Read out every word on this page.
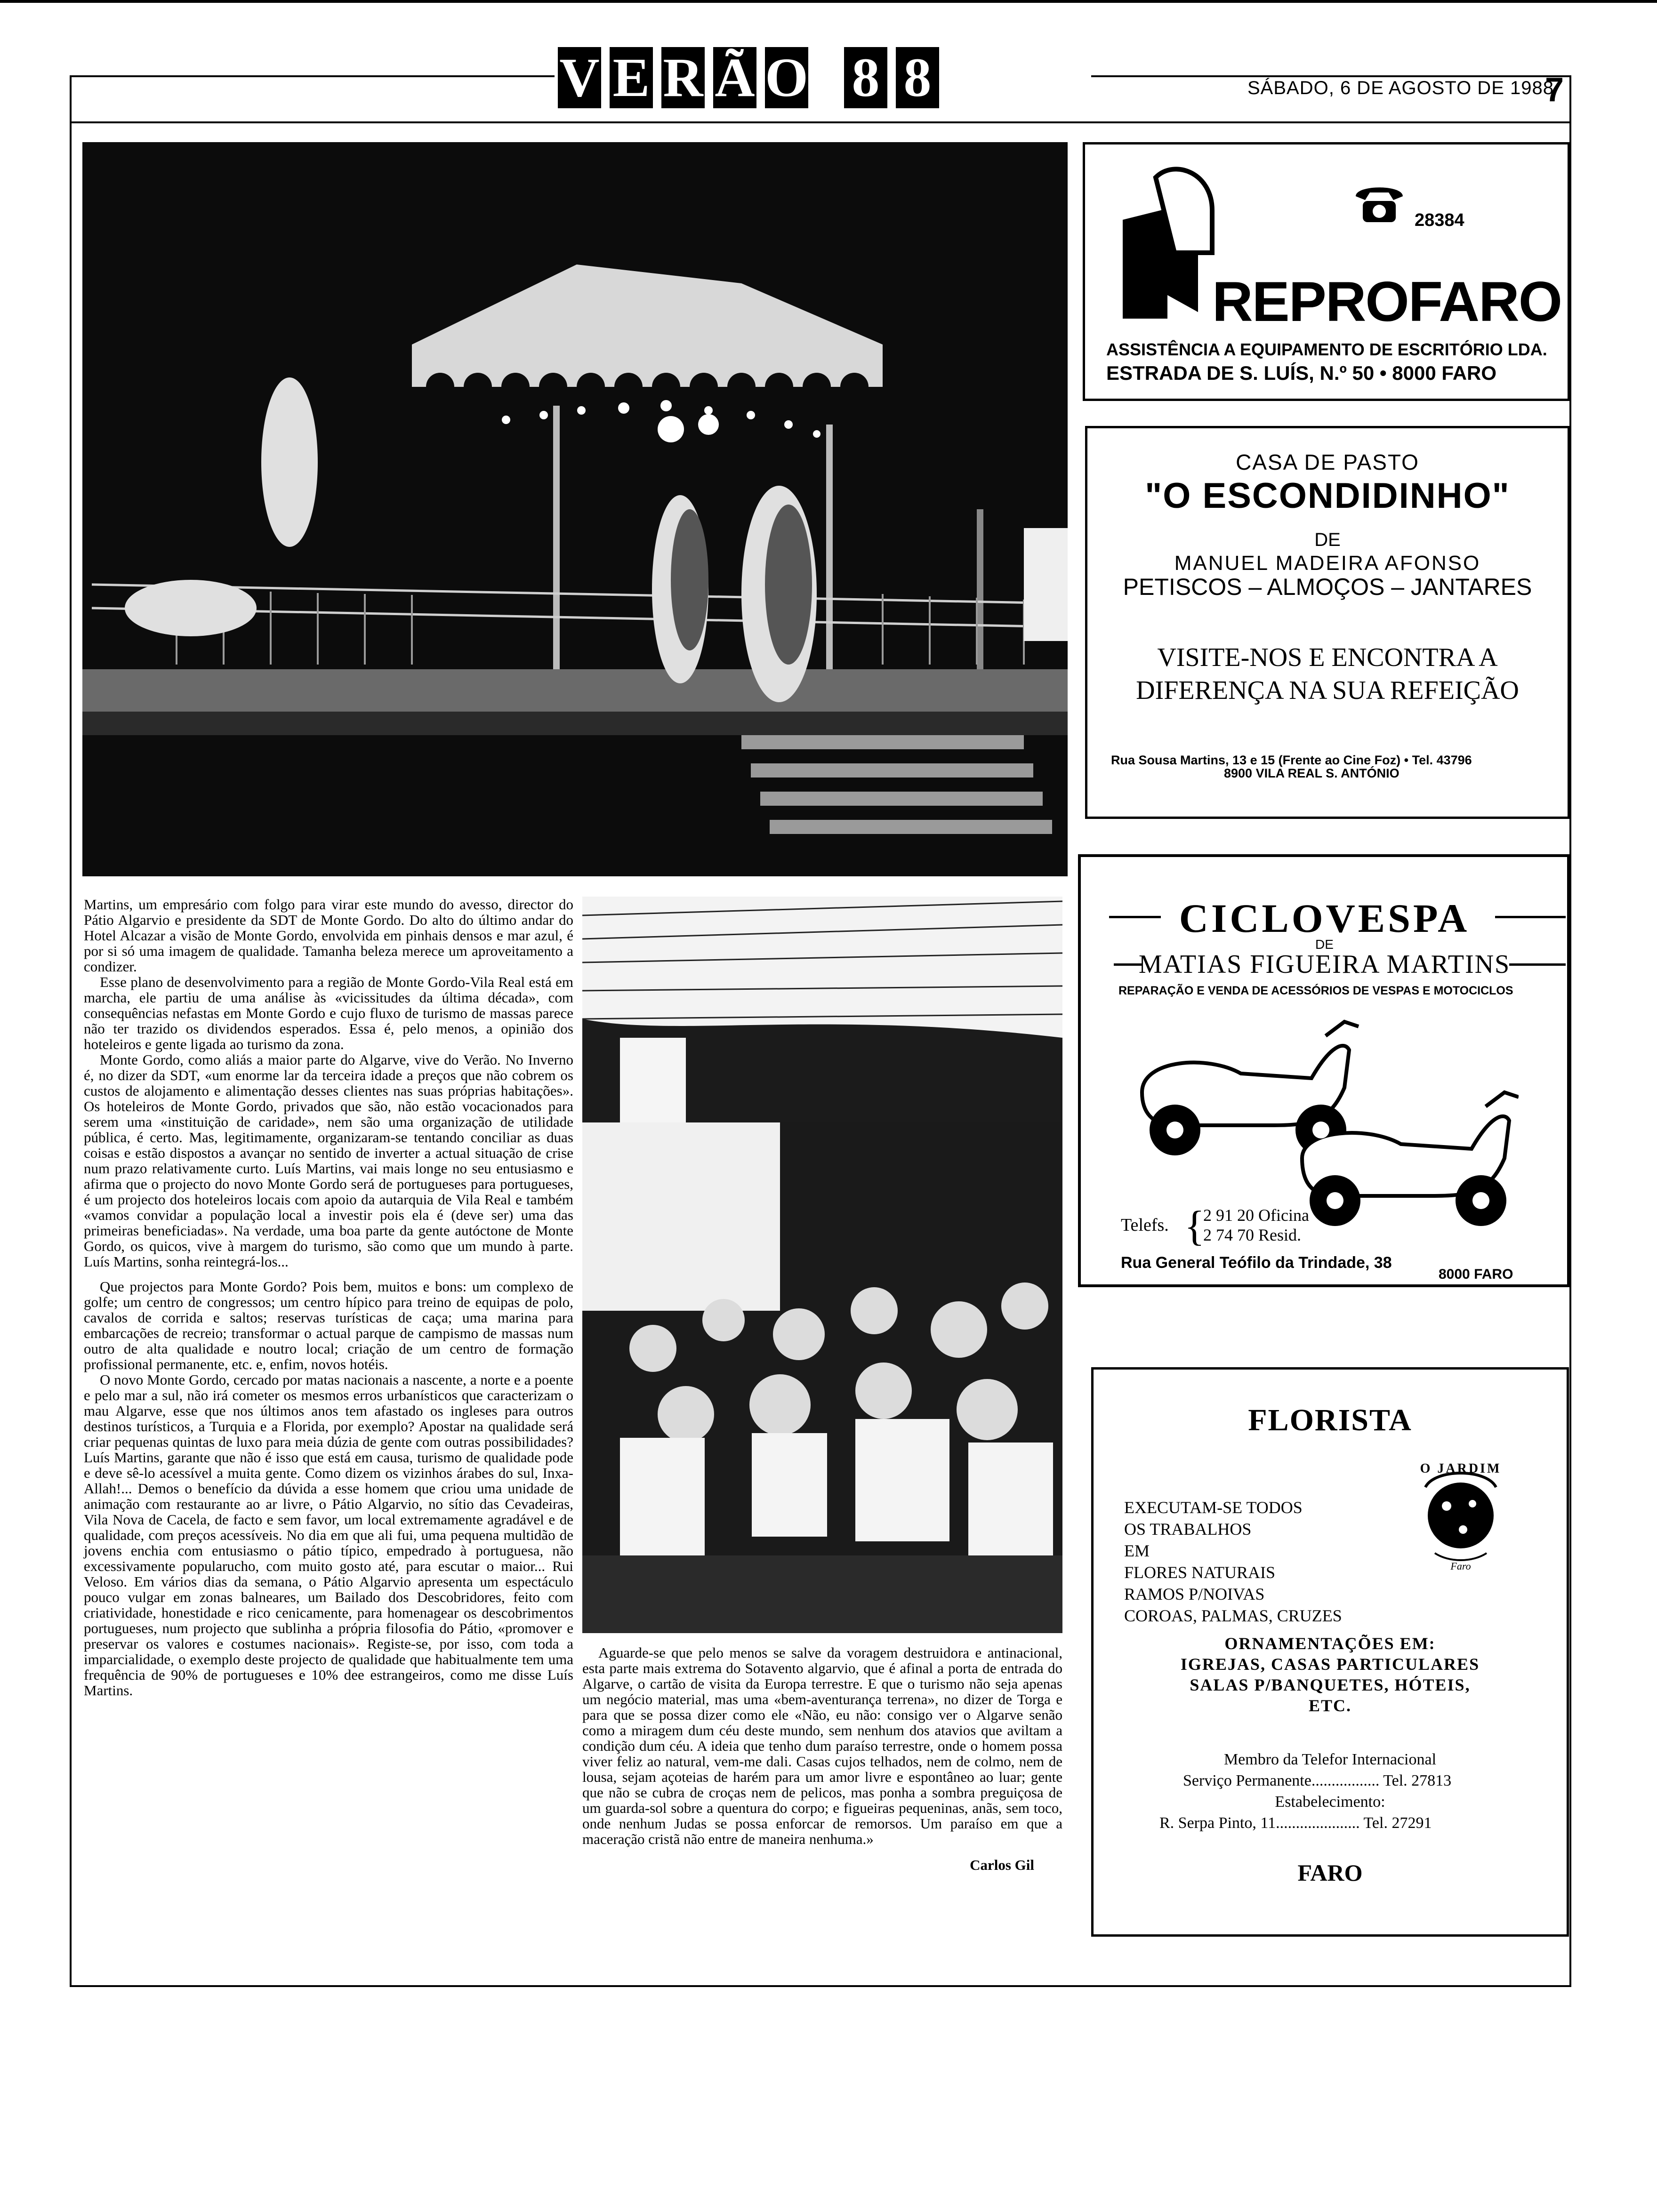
V E R Ã O 8 8	SÁBADO, 6 DE AGOSTO DE 1988
7

Martins, um empresário com folgo para virar este mundo do avesso, director do Pátio Algarvio e presidente da SDT de Monte Gordo. Do alto do último andar do Hotel Alcazar a visão de Monte Gordo, envolvida em pinhais densos e mar azul, é por si só uma imagem de qualidade. Tamanha beleza merece um aproveitamento a condizer.

Esse plano de desenvolvimento para a região de Monte Gordo-Vila Real está em marcha, ele partiu de uma análise às «vicissitudes da última década», com consequências nefastas em Monte Gordo e cujo fluxo de turismo de massas parece não ter trazido os dividendos esperados. Essa é, pelo menos, a opinião dos hoteleiros e gente ligada ao turismo da zona.

Monte Gordo, como aliás a maior parte do Algarve, vive do Verão. No Inverno é, no dizer da SDT, «um enorme lar da terceira idade a preços que não cobrem os custos de alojamento e alimentação desses clientes nas suas próprias habitações». Os hoteleiros de Monte Gordo, privados que são, não estão vocacionados para serem uma «instituição de caridade», nem são uma organização de utilidade pública, é certo. Mas, legitimamente, organizaram-se tentando conciliar as duas coisas e estão dispostos a avançar no sentido de inverter a actual situação de crise num prazo relativamente curto. Luís Martins, vai mais longe no seu entusiasmo e afirma que o projecto do novo Monte Gordo será de portugueses para portugueses, é um projecto dos hoteleiros locais com apoio da autarquia de Vila Real e também «vamos convidar a população local a investir pois ela é (deve ser) uma das primeiras beneficiadas». Na verdade, uma boa parte da gente autóctone de Monte Gordo, os quicos, vive à margem do turismo, são como que um mundo à parte. Luís Martins, sonha reintegrá-los...

Que projectos para Monte Gordo? Pois bem, muitos e bons: um complexo de golfe; um centro de congressos; um centro hípico para treino de equipas de polo, cavalos de corrida e saltos; reservas turísticas de caça; uma marina para embarcações de recreio; transformar o actual parque de campismo de massas num outro de alta qualidade e noutro local; criação de um centro de formação profissional permanente, etc. e, enfim, novos hotéis.

O novo Monte Gordo, cercado por matas nacionais a nascente, a norte e a poente e pelo mar a sul, não irá cometer os mesmos erros urbanísticos que caracterizam o mau Algarve, esse que nos últimos anos tem afastado os ingleses para outros destinos turísticos, a Turquia e a Florida, por exemplo? Apostar na qualidade será criar pequenas quintas de luxo para meia dúzia de gente com outras possibilidades? Luís Martins, garante que não é isso que está em causa, turismo de qualidade pode e deve sê-lo acessível a muita gente. Como dizem os vizinhos árabes do sul, Inxa-Allah!... Demos o benefício da dúvida a esse homem que criou uma unidade de animação com restaurante ao ar livre, o Pátio Algarvio, no sítio das Cevadeiras, Vila Nova de Cacela, de facto e sem favor, um local extremamente agradável e de qualidade, com preços acessíveis. No dia em que ali fui, uma pequena multidão de jovens enchia com entusiasmo o pátio típico, empedrado à portuguesa, não excessivamente popularucho, com muito gosto até, para escutar o maior... Rui Veloso. Em vários dias da semana, o Pátio Algarvio apresenta um espectáculo pouco vulgar em zonas balneares, um Bailado dos Descobridores, feito com criatividade, honestidade e rico cenicamente, para homenagear os descobrimentos portugueses, num projecto que sublinha a própria filosofia do Pátio, «promover e preservar os valores e costumes nacionais». Registe-se, por isso, com toda a imparcialidade, o exemplo deste projecto de qualidade que habitualmente tem uma frequência de 90% de portugueses e 10% dee estrangeiros, como me disse Luís Martins.

Aguarde-se que pelo menos se salve da voragem destruidora e antinacional, esta parte mais extrema do Sotavento algarvio, que é afinal a porta de entrada do Algarve, o cartão de visita da Europa terrestre. E que o turismo não seja apenas um negócio material, mas uma «bem-aventurança terrena», no dizer de Torga e para que se possa dizer como ele «Não, eu não: consigo ver o Algarve senão como a miragem dum céu deste mundo, sem nenhum dos atavios que aviltam a condição dum céu. A ideia que tenho dum paraíso terrestre, onde o homem possa viver feliz ao natural, vem-me dali. Casas cujos telhados, nem de colmo, nem de lousa, sejam açoteias de harém para um amor livre e espontâneo ao luar; gente que não se cubra de croças nem de pelicos, mas ponha a sombra preguiçosa de um guarda-sol sobre a quentura do corpo; e figueiras pequeninas, anãs, sem toco, onde nenhum Judas se possa enforcar de remorsos. Um paraíso em que a maceração cristã não entre de maneira nenhuma.»

Carlos Gil
28384
REPROFARO
ASSISTÊNCIA A EQUIPAMENTO DE ESCRITÓRIO LDA.
ESTRADA DE S. LUÍS, N.º 50 • 8000 FARO
CASA DE PASTO
"O ESCONDIDINHO"
DE
MANUEL MADEIRA AFONSO
PETISCOS – ALMOÇOS – JANTARES
VISITE-NOS E ENCONTRA A
DIFERENÇA NA SUA REFEIÇÃO
Rua Sousa Martins, 13 e 15 (Frente ao Cine Foz) • Tel. 43796
8900 VILA REAL S. ANTÓNIO
CICLOVESPA
DE
MATIAS FIGUEIRA MARTINS
REPARAÇÃO E VENDA DE ACESSÓRIOS DE VESPAS E MOTOCICLOS
Telefs. {
2 91 20 Oficina
2 74 70 Resid.
Rua General Teófilo da Trindade, 38
8000 FARO
FLORISTA
EXECUTAM-SE TODOS
OS TRABALHOS
EM
FLORES NATURAIS
RAMOS P/NOIVAS
COROAS, PALMAS, CRUZES
O JARDIM
Faro
ORNAMENTAÇÕES EM:
IGREJAS, CASAS PARTICULARES
SALAS P/BANQUETES, HÓTEIS,
ETC.
Membro da Telefor Internacional
Serviço Permanente................. Tel. 27813
Estabelecimento:
R. Serpa Pinto, 11..................... Tel. 27291
FARO
